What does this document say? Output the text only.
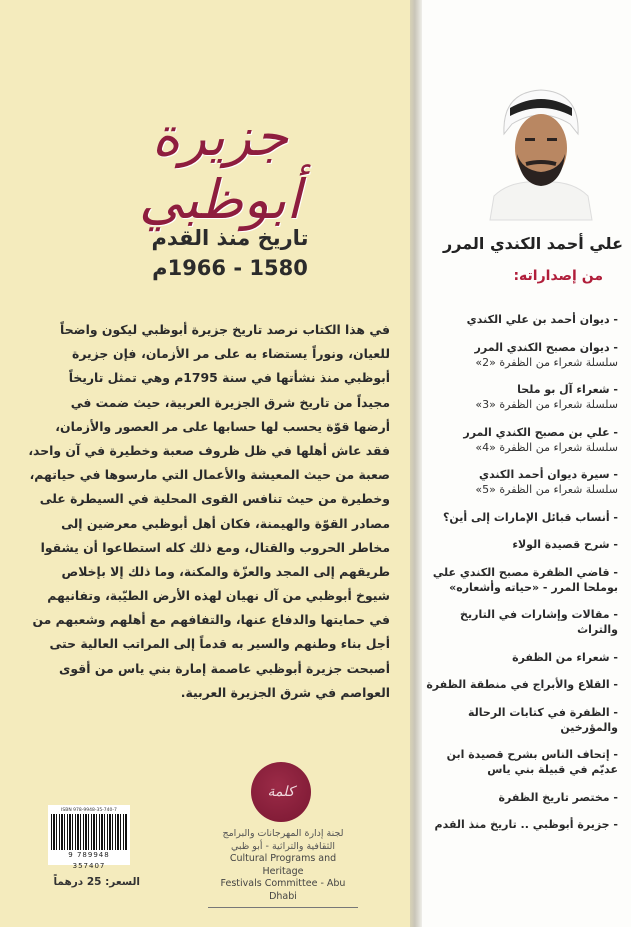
جزيرة أبوظبي
تاريخ منذ القدم
1580 - 1966م
في هذا الكتاب نرصد تاريخ جزيرة أبوظبي ليكون واضحاً
للعيان، ونوراً يستضاء به على مر الأزمان، فإن جزيرة
أبوظبي منذ نشأتها في سنة 1795م وهي تمثل تاريخاً
مجيداً من تاريخ شرق الجزيرة العربية، حيث ضمت في
أرضها قوّة يحسب لها حسابها على مر العصور والأزمان،
فقد عاش أهلها في ظل ظروف صعبة وخطيرة في آن واحد،
صعبة من حيث المعيشة والأعمال التي مارسوها في حياتهم،
وخطيرة من حيث تنافس القوى المحلية في السيطرة على
مصادر القوّة والهيمنة، فكان أهل أبوظبي معرضين إلى
مخاطر الحروب والقتال، ومع ذلك كله استطاعوا أن يشقوا
طريقهم إلى المجد والعزّة والمكنة، وما ذلك إلا بإخلاص
شيوخ أبوظبي من آل نهيان لهذه الأرض الطيّبة، وتفانيهم
في حمايتها والدفاع عنها، والتفافهم مع أهلهم وشعبهم من
أجل بناء وطنهم والسير به قدماً إلى المراتب العالية حتى
أصبحت جزيرة أبوظبي عاصمة إمارة بني ياس من أقوى
العواصم في شرق الجزيرة العربية.
كلمة
لجنة إدارة المهرجانات والبرامج
الثقافية والتراثية - أبو ظبي
Cultural Programs and Heritage
Festivals Committee - Abu Dhabi
ISBN 978-9948-35-740-7
9 789948 357407
السعر: 25 درهماً
علي أحمد الكندي المرر
من إصداراته:
- ديوان أحمد بن علي الكندي
- ديوان مصبح الكندي المرر
سلسلة شعراء من الظفرة «2»
- شعراء آل بو ملحا
سلسلة شعراء من الظفرة «3»
- علي بن مصبح الكندي المرر
سلسلة شعراء من الظفرة «4»
- سيرة ديوان أحمد الكندي
سلسلة شعراء من الظفرة «5»
- أنساب قبائل الإمارات إلى أين؟
- شرح قصيدة الولاء
- قاضي الظفرة مصبح الكندي علي بوملحا المرر - «حياته وأشعاره»
- مقالات وإشارات في التاريخ والتراث
- شعراء من الظفرة
- القلاع والأبراج في منطقة الظفرة
- الظفرة في كتابات الرحالة والمؤرخين
- إتحاف الناس بشرح قصيدة ابن عديّم في قبيلة بني ياس
- مختصر تاريخ الظفرة
- جزيرة أبوظبي .. تاريخ منذ القدم
